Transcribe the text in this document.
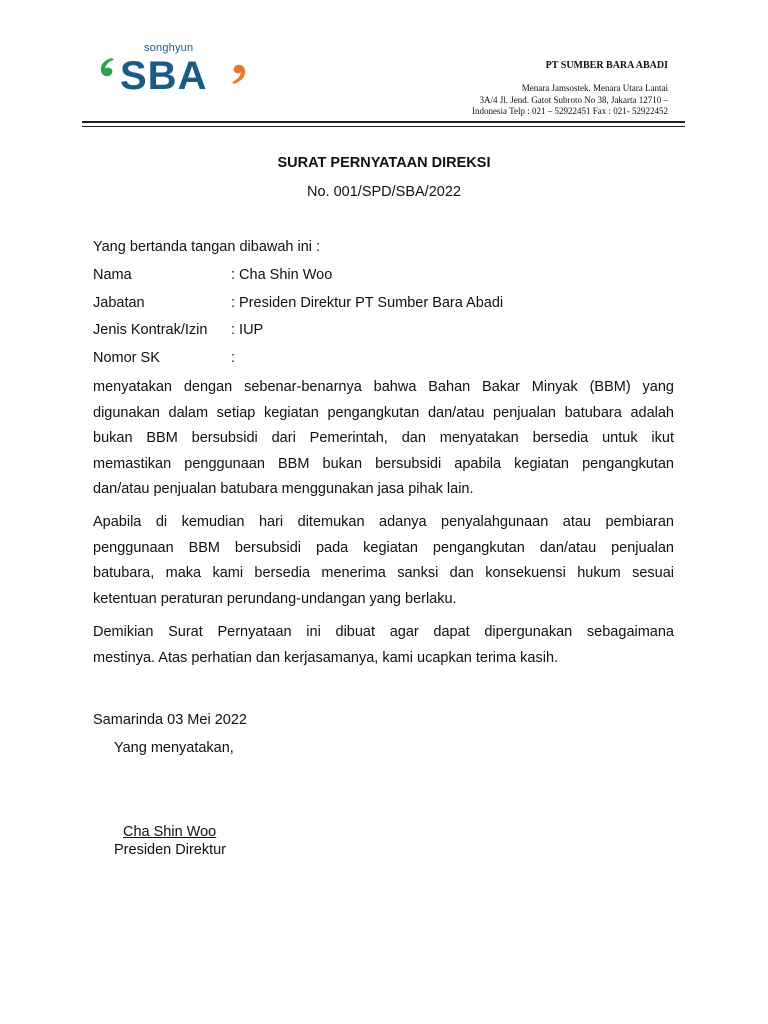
songhyun
SBA	PT SUMBER BARA ABADI
Menara Jamsostek. Menara Utara Lantai
3A/4 Jl. Jend. Gatot Subroto No 38, Jakarta 12710 –
Indonesia Telp : 021 – 52922451 Fax : 021- 52922452
SURAT PERNYATAAN DIREKSI
No. 001/SPD/SBA/2022
Yang bertanda tangan dibawah ini :
Nama	: Cha Shin Woo
Jabatan	: Presiden Direktur PT Sumber Bara Abadi
Jenis Kontrak/Izin : IUP
Nomor SK	:
menyatakan dengan sebenar-benarnya bahwa Bahan Bakar Minyak (BBM) yang
digunakan dalam setiap kegiatan pengangkutan dan/atau penjualan batubara adalah
bukan BBM bersubsidi dari Pemerintah, dan menyatakan bersedia untuk ikut
memastikan penggunaan BBM bukan bersubsidi apabila kegiatan pengangkutan
dan/atau penjualan batubara menggunakan jasa pihak lain.
Apabila di kemudian hari ditemukan adanya penyalahgunaan atau pembiaran
penggunaan BBM bersubsidi pada kegiatan pengangkutan dan/atau penjualan
batubara, maka kami bersedia menerima sanksi dan konsekuensi hukum sesuai
ketentuan peraturan perundang-undangan yang berlaku.
Demikian Surat Pernyataan ini dibuat agar dapat dipergunakan sebagaimana
mestinya. Atas perhatian dan kerjasamanya, kami ucapkan terima kasih.
Samarinda 03 Mei 2022
Yang menyatakan,
Cha Shin Woo
Presiden Direktur
